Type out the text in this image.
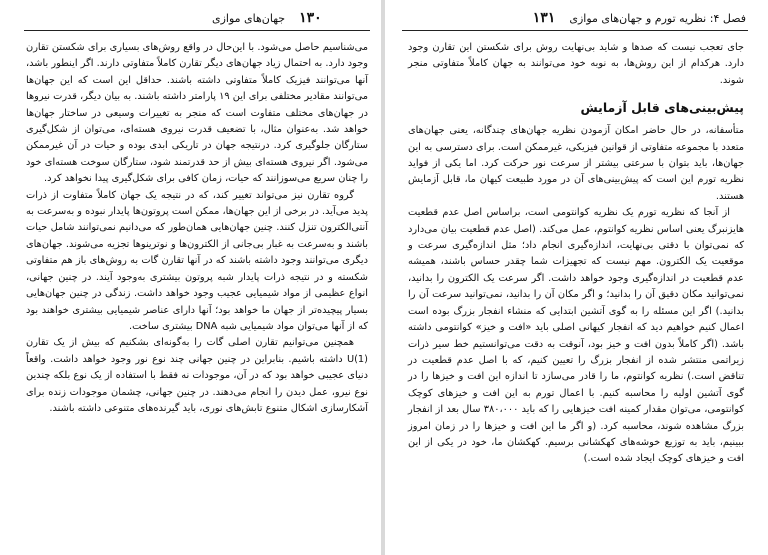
۱۳۰    جهان‌های موازی

می‌شناسیم حاصل می‌شود. با این‌حال در واقع روش‌های بسیاری برای شکستن تقارن وجود دارد. به احتمال زیاد جهان‌های دیگر تقارن کاملاً متفاوتی دارند. اگر اینطور باشد، آنها می‌توانند فیزیک کاملاً متفاوتی داشته باشند. حداقل این است که این جهان‌ها می‌توانند مقادیر مختلفی برای این ۱۹ پارامتر داشته باشند. به بیان دیگر، قدرت نیروها در جهان‌های مختلف متفاوت است که منجر به تغییرات وسیعی در ساختار جهان‌ها خواهد شد. به‌عنوان مثال، با تضعیف قدرت نیروی هسته‌ای، می‌توان از شکل‌گیری ستارگان جلوگیری کرد. درنتیجه جهان در تاریکی ابدی بوده و حیات در آن غیرممکن می‌شود. اگر نیروی هسته‌ای بیش از حد قدرتمند شود، ستارگان سوخت هسته‌ای خود را چنان سریع می‌سوزانند که حیات، زمان کافی برای شکل‌گیری پیدا نخواهد کرد.

گروه تقارن نیز می‌تواند تغییر کند، که در نتیجه یک جهان کاملاً متفاوت از ذرات پدید می‌آید. در برخی از این جهان‌ها، ممکن است پروتون‌ها پایدار نبوده و به‌سرعت به آنتی‌الکترون تنزل کنند. چنین جهان‌هایی همان‌طور که می‌دانیم نمی‌توانند شامل حیات باشند و به‌سرعت به غبار بی‌جانی از الکترون‌ها و نوترینوها تجزیه می‌شوند. جهان‌های دیگری می‌توانند وجود داشته باشند که در آنها تقارن گات به روش‌های باز هم متفاوتی شکسته و در نتیجه ذرات پایدار شبه پروتون بیشتری به‌وجود آیند. در چنین جهانی، انواع عظیمی از مواد شیمیایی عجیب وجود خواهد داشت. زندگی در چنین جهان‌هایی بسیار پیچیده‌تر از جهان ما خواهد بود؛ آنها دارای عناصر شیمیایی بیشتری خواهند بود که از آنها می‌توان مواد شیمیایی شبه DNA بیشتری ساخت.

همچنین می‌توانیم تقارن اصلی گات را به‌گونه‌ای بشکنیم که بیش از یک تقارن U(1) داشته باشیم. بنابراین در چنین جهانی چند نوع نور وجود خواهد داشت. واقعاً دنیای عجیبی خواهد بود که در آن، موجودات نه فقط با استفاده از یک نوع بلکه چندین نوع نیرو، عمل دیدن را انجام می‌دهند. در چنین جهانی، چشمان موجودات زنده برای آشکارسازی اشکال متنوع تابش‌های نوری، باید گیرنده‌های متنوعی داشته باشند.

فصل ۴: نظریه تورم و جهان‌های موازی    ۱۳۱

جای تعجب نیست که صدها و شاید بی‌نهایت روش برای شکستن این تقارن وجود دارد. هرکدام از این روش‌ها، به نوبه خود می‌توانند به جهان کاملاً متفاوتی منجر شوند.

پیش‌بینی‌های قابل آزمایش

متأسفانه، در حال حاضر امکان آزمودن نظریه جهان‌های چندگانه، یعنی جهان‌های متعدد با مجموعه متفاوتی از قوانین فیزیکی، غیرممکن است. برای دسترسی به این جهان‌ها، باید بتوان با سرعتی بیشتر از سرعت نور حرکت کرد. اما یکی از فواید نظریه تورم این است که پیش‌بینی‌های آن در مورد طبیعت کیهان ما، قابل آزمایش هستند.

از آنجا که نظریه تورم یک نظریه کوانتومی است، براساس اصل عدم قطعیت هایزنبرگ یعنی اساس نظریه کوانتوم، عمل می‌کند. (اصل عدم قطعیت بیان می‌دارد که نمی‌توان با دقتی بی‌نهایت، اندازه‌گیری انجام داد؛ مثل اندازه‌گیری سرعت و موقعیت یک الکترون. مهم نیست که تجهیزات شما چقدر حساس باشند، همیشه عدم قطعیت در اندازه‌گیری وجود خواهد داشت. اگر سرعت یک الکترون را بدانید، نمی‌توانید مکان دقیق آن را بدانید؛ و اگر مکان آن را بدانید، نمی‌توانید سرعت آن را بدانید.) اگر این مسئله را به گوی آتشین ابتدایی که منشاء انفجار بزرگ بوده است اعمال کنیم خواهیم دید که انفجار کیهانی اصلی باید «افت و خیز» کوانتومی داشته باشد. (اگر کاملاً بدون افت و خیز بود، آنوقت به دقت می‌توانستیم خط سیر ذرات زیراتمی منتشر شده از انفجار بزرگ را تعیین کنیم، که با اصل عدم قطعیت در تناقض است.) نظریه کوانتوم، ما را قادر می‌سازد تا اندازه این افت و خیزها را در گوی آتشین اولیه را محاسبه کنیم. با اعمال تورم به این افت و خیزهای کوچک کوانتومی، می‌توان مقدار کمینه افت خیزهایی را که باید ۳۸۰،۰۰۰ سال بعد از انفجار بزرگ مشاهده شوند، محاسبه کرد. (و اگر ما این افت و خیزها را در زمان امروز ببینیم، باید به توزیع خوشه‌های کهکشانی برسیم. کهکشان ما، خود در یکی از این افت و خیزهای کوچک ایجاد شده است.)
